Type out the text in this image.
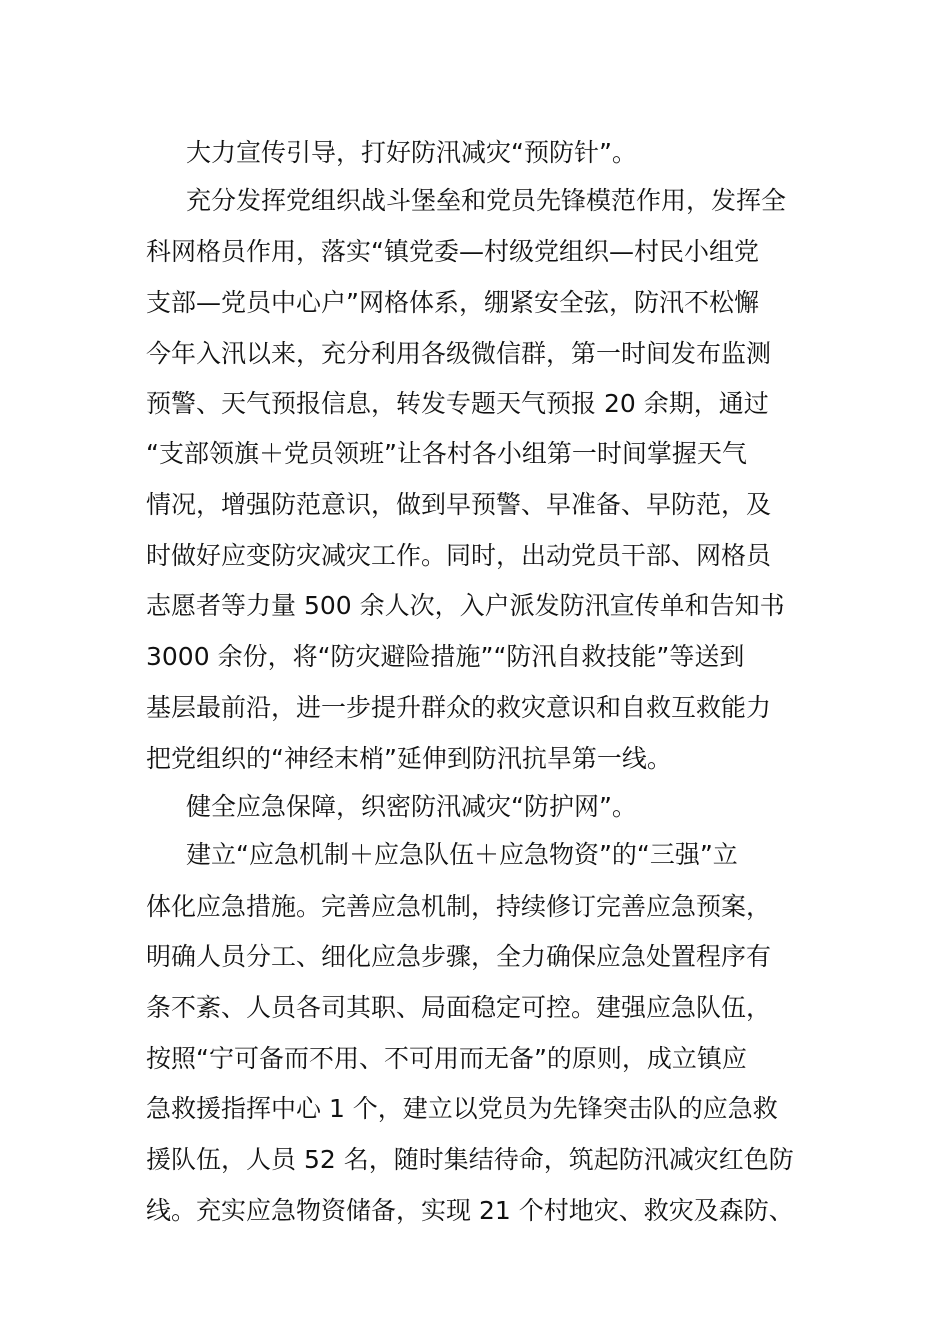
大力宣传引导，打好防汛减灾“预防针”。
充分发挥党组织战斗堡垒和党员先锋模范作用，发挥全
科网格员作用，落实“镇党委—村级党组织—村民小组党
支部—党员中心户”网格体系，绷紧安全弦，防汛不松懈
今年入汛以来，充分利用各级微信群，第一时间发布监测
预警、天气预报信息，转发专题天气预报 20 余期，通过
“支部领旗＋党员领班”让各村各小组第一时间掌握天气
情况，增强防范意识，做到早预警、早准备、早防范，及
时做好应变防灾减灾工作。同时，出动党员干部、网格员
志愿者等力量 500 余人次，入户派发防汛宣传单和告知书
3000 余份，将“防灾避险措施”“防汛自救技能”等送到
基层最前沿，进一步提升群众的救灾意识和自救互救能力
把党组织的“神经末梢”延伸到防汛抗旱第一线。
健全应急保障，织密防汛减灾“防护网”。
建立“应急机制＋应急队伍＋应急物资”的“三强”立
体化应急措施。完善应急机制，持续修订完善应急预案，
明确人员分工、细化应急步骤，全力确保应急处置程序有
条不紊、人员各司其职、局面稳定可控。建强应急队伍，
按照“宁可备而不用、不可用而无备”的原则，成立镇应
急救援指挥中心 1 个，建立以党员为先锋突击队的应急救
援队伍，人员 52 名，随时集结待命，筑起防汛减灾红色防
线。充实应急物资储备，实现 21 个村地灾、救灾及森防、
